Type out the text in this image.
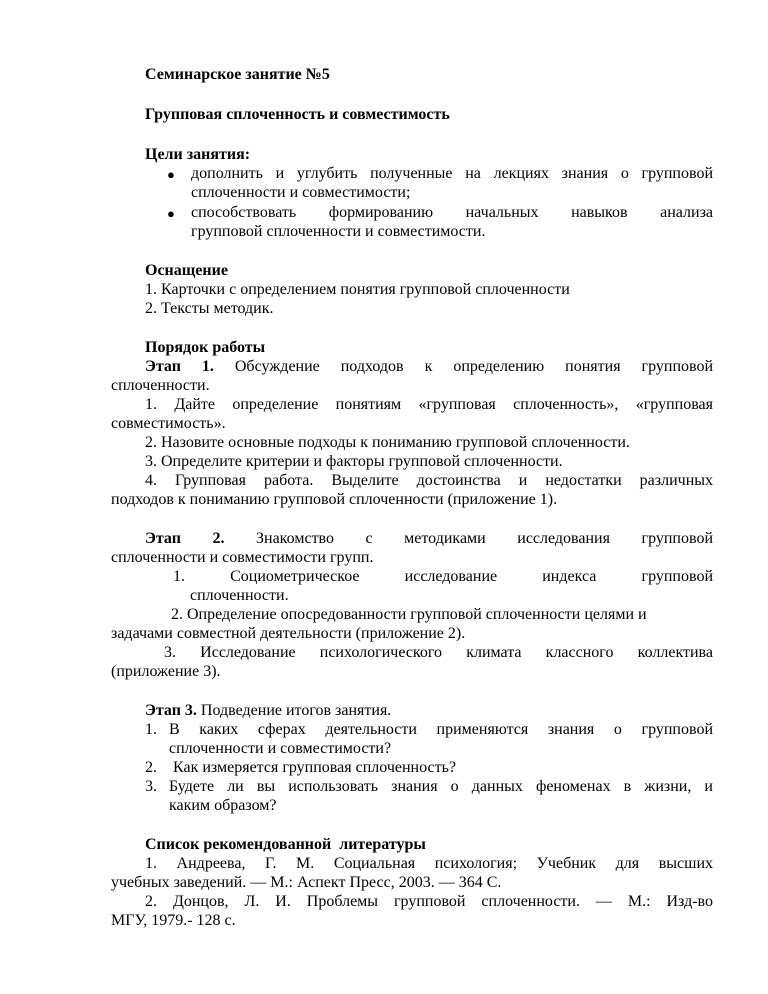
Семинарское занятие №5

Групповая сплоченность и совместимость

Цели занятия:

● дополнить и углубить полученные на лекциях знания о групповой

сплоченности и совместимости;

● способствовать формированию начальных навыков анализа

групповой сплоченности и совместимости.

Оснащение

1. Карточки с определением понятия групповой сплоченности

2. Тексты методик.

Порядок работы

Этап 1. Обсуждение подходов к определению понятия групповой

сплоченности.

1. Дайте определение понятиям «групповая сплоченность», «групповая

совместимость».

2. Назовите основные подходы к пониманию групповой сплоченности.

3. Определите критерии и факторы групповой сплоченности.

4. Групповая работа. Выделите достоинства и недостатки различных

подходов к пониманию групповой сплоченности (приложение 1).

Этап 2. Знакомство с методиками исследования групповой

сплоченности и совместимости групп.

1. Социометрическое исследование индекса групповой

сплоченности.

2. Определение опосредованности групповой сплоченности целями и

задачами совместной деятельности (приложение 2).

3. Исследование психологического климата классного коллектива

(приложение 3).

Этап 3. Подведение итогов занятия.

1. В каких сферах деятельности применяются знания о групповой

сплоченности и совместимости?

2. Как измеряется групповая сплоченность?

3. Будете ли вы использовать знания о данных феноменах в жизни, и

каким образом?

Список рекомендованной  литературы

1. Андреева, Г. М. Социальная психология; Учебник для высших

учебных заведений. — М.: Аспект Пресс, 2003. — 364 С.

2. Донцов, Л. И. Проблемы групповой сплоченности. — М.: Изд-во

МГУ, 1979.- 128 с.
